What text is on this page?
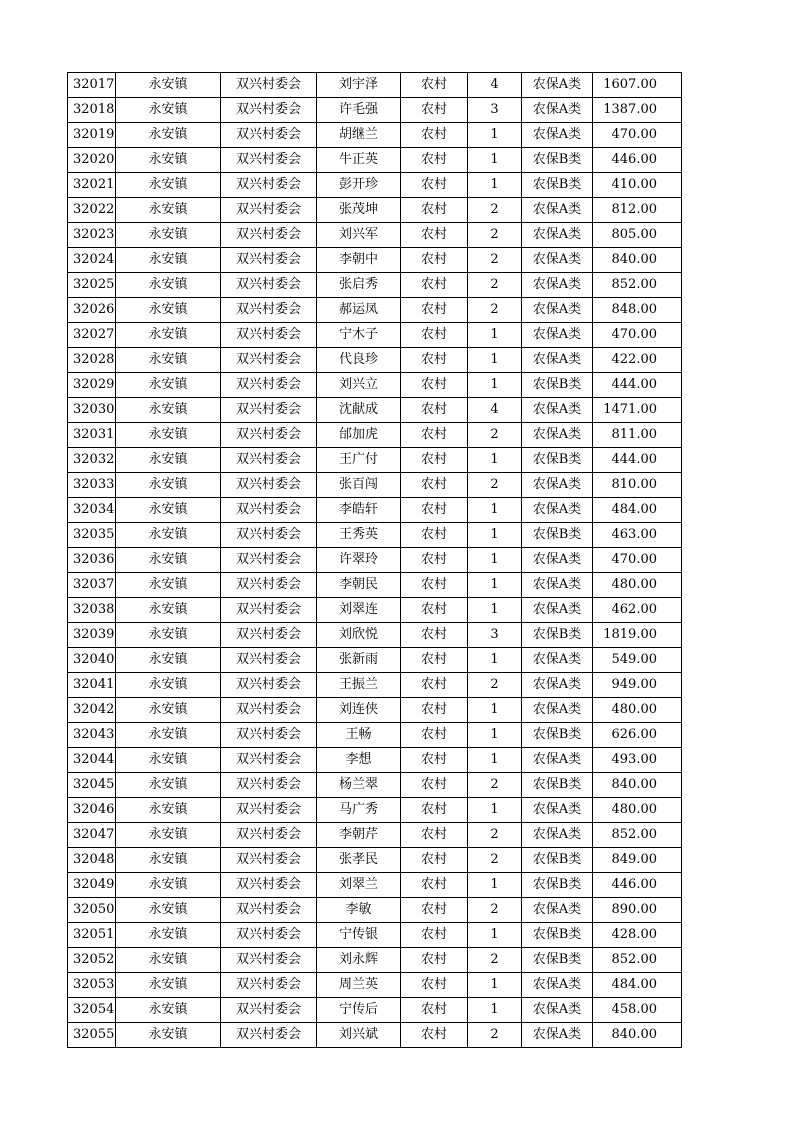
32017	永安镇	双兴村委会	刘宇泽	农村	4	农保A类	1607.00
32018	永安镇	双兴村委会	许毛强	农村	3	农保A类	1387.00
32019	永安镇	双兴村委会	胡继兰	农村	1	农保A类	470.00
32020	永安镇	双兴村委会	牛正英	农村	1	农保B类	446.00
32021	永安镇	双兴村委会	彭开珍	农村	1	农保B类	410.00
32022	永安镇	双兴村委会	张茂坤	农村	2	农保A类	812.00
32023	永安镇	双兴村委会	刘兴军	农村	2	农保A类	805.00
32024	永安镇	双兴村委会	李朝中	农村	2	农保A类	840.00
32025	永安镇	双兴村委会	张启秀	农村	2	农保A类	852.00
32026	永安镇	双兴村委会	郝运凤	农村	2	农保A类	848.00
32027	永安镇	双兴村委会	宁木子	农村	1	农保A类	470.00
32028	永安镇	双兴村委会	代良珍	农村	1	农保A类	422.00
32029	永安镇	双兴村委会	刘兴立	农村	1	农保B类	444.00
32030	永安镇	双兴村委会	沈献成	农村	4	农保A类	1471.00
32031	永安镇	双兴村委会	邰加虎	农村	2	农保A类	811.00
32032	永安镇	双兴村委会	王广付	农村	1	农保B类	444.00
32033	永安镇	双兴村委会	张百闯	农村	2	农保A类	810.00
32034	永安镇	双兴村委会	李皓轩	农村	1	农保A类	484.00
32035	永安镇	双兴村委会	王秀英	农村	1	农保B类	463.00
32036	永安镇	双兴村委会	许翠玲	农村	1	农保A类	470.00
32037	永安镇	双兴村委会	李朝民	农村	1	农保A类	480.00
32038	永安镇	双兴村委会	刘翠连	农村	1	农保A类	462.00
32039	永安镇	双兴村委会	刘欣悦	农村	3	农保B类	1819.00
32040	永安镇	双兴村委会	张新雨	农村	1	农保A类	549.00
32041	永安镇	双兴村委会	王振兰	农村	2	农保A类	949.00
32042	永安镇	双兴村委会	刘连侠	农村	1	农保A类	480.00
32043	永安镇	双兴村委会	王畅	农村	1	农保B类	626.00
32044	永安镇	双兴村委会	李想	农村	1	农保A类	493.00
32045	永安镇	双兴村委会	杨兰翠	农村	2	农保B类	840.00
32046	永安镇	双兴村委会	马广秀	农村	1	农保A类	480.00
32047	永安镇	双兴村委会	李朝芹	农村	2	农保A类	852.00
32048	永安镇	双兴村委会	张孝民	农村	2	农保B类	849.00
32049	永安镇	双兴村委会	刘翠兰	农村	1	农保B类	446.00
32050	永安镇	双兴村委会	李敏	农村	2	农保A类	890.00
32051	永安镇	双兴村委会	宁传银	农村	1	农保B类	428.00
32052	永安镇	双兴村委会	刘永辉	农村	2	农保B类	852.00
32053	永安镇	双兴村委会	周兰英	农村	1	农保A类	484.00
32054	永安镇	双兴村委会	宁传后	农村	1	农保A类	458.00
32055	永安镇	双兴村委会	刘兴斌	农村	2	农保A类	840.00
